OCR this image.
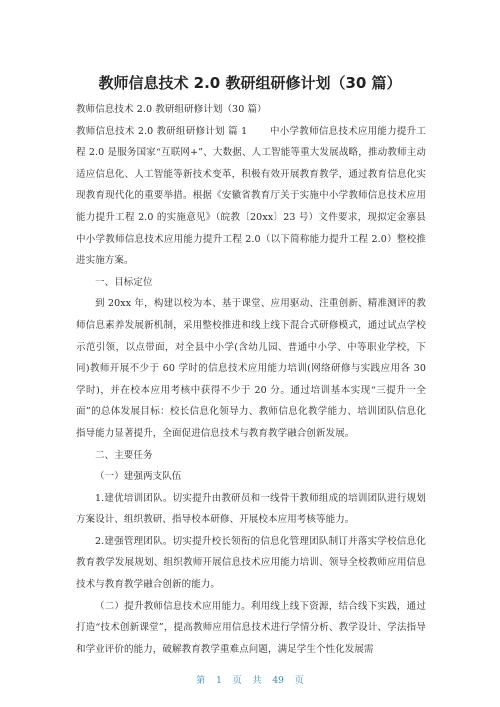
教师信息技术 2.0 教研组研修计划（30 篇）

教师信息技术 2.0 教研组研修计划（30 篇）

教师信息技术 2.0 教研组研修计划 篇 1 　　中小学教师信息技术应用能力提升工程 2.0 是服务国家“互联网+”、大数据、人工智能等重大发展战略，推动教师主动适应信息化、人工智能等新技术变革，积极有效开展教育教学，通过教育信息化实现教育现代化的重要举措。根据《安徽省教育厅关于实施中小学教师信息技术应用能力提升工程 2.0 的实施意见》（皖教〔20xx〕23 号）文件要求，现拟定金寨县中小学教师信息技术应用能力提升工程 2.0（以下简称能力提升工程 2.0）整校推进实施方案。

一、目标定位

到 20xx 年，构建以校为本、基于课堂、应用驱动、注重创新、精准测评的教师信息素养发展新机制，采用整校推进和线上线下混合式研修模式，通过试点学校示范引领，以点带面，对全县中小学(含幼儿园、普通中小学、中等职业学校，下同)教师开展不少于 60 学时的信息技术应用能力培训(网络研修与实践应用各 30 学时)，并在校本应用考核中获得不少于 20 分。通过培训基本实现“三提升一全面”的总体发展目标：校长信息化领导力、教师信息化教学能力、培训团队信息化指导能力显著提升，全面促进信息技术与教育教学融合创新发展。

二、主要任务

（一）建强两支队伍

1.建优培训团队。切实提升由教研员和一线骨干教师组成的培训团队进行规划方案设计、组织教研、指导校本研修、开展校本应用考核等能力。

2.建强管理团队。切实提升校长领衔的信息化管理团队制订并落实学校信息化教育教学发展规划、组织教师开展信息技术应用能力培训、领导全校教师应用信息技术与教育教学融合创新的能力。

（二）提升教师信息技术应用能力。利用线上线下资源，结合线下实践，通过打造“技术创新课堂”，提高教师应用信息技术进行学情分析、教学设计、学法指导和学业评价的能力，破解教育教学重难点问题，满足学生个性化发展需

第 1 页 共 49 页
